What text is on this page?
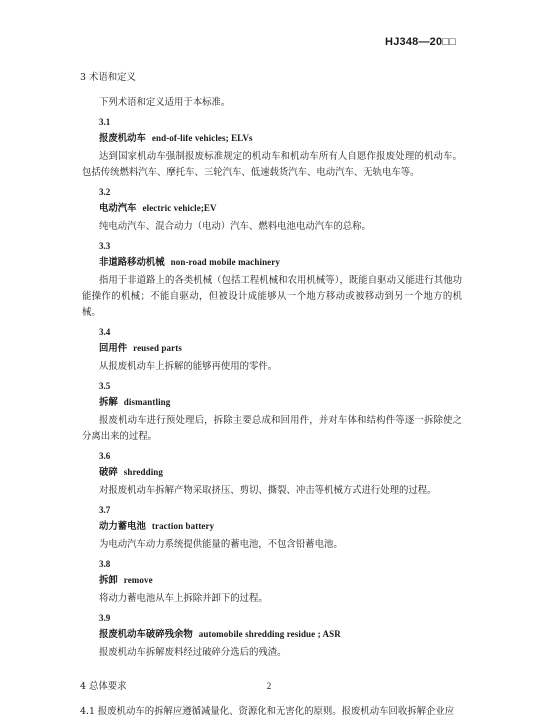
HJ348—20□□
3 术语和定义
下列术语和定义适用于本标准。
3.1
报废机动车 end-of-life vehicles; ELVs
达到国家机动车强制报废标准规定的机动车和机动车所有人自愿作报废处理的机动车。包括传统燃料汽车、摩托车、三轮汽车、低速载货汽车、电动汽车、无轨电车等。
3.2
电动汽车 electric vehicle;EV
纯电动汽车、混合动力（电动）汽车、燃料电池电动汽车的总称。
3.3
非道路移动机械 non-road mobile machinery
指用于非道路上的各类机械（包括工程机械和农用机械等），既能自驱动又能进行其他功能操作的机械；不能自驱动，但被设计成能够从一个地方移动或被移动到另一个地方的机械。
3.4
回用件 reused parts
从报废机动车上拆解的能够再使用的零件。
3.5
拆解 dismantling
报废机动车进行预处理后，拆除主要总成和回用件，并对车体和结构件等逐一拆除使之分离出来的过程。
3.6
破碎 shredding
对报废机动车拆解产物采取挤压、剪切、撕裂、冲击等机械方式进行处理的过程。
3.7
动力蓄电池 traction battery
为电动汽车动力系统提供能量的蓄电池，不包含铅蓄电池。
3.8
拆卸 remove
将动力蓄电池从车上拆除并卸下的过程。
3.9
报废机动车破碎残余物 automobile shredding residue ; ASR
报废机动车拆解废料经过破碎分选后的残渣。
4 总体要求
4.1 报废机动车的拆解应遵循减量化、资源化和无害化的原则。报废机动车回收拆解企业应
2
